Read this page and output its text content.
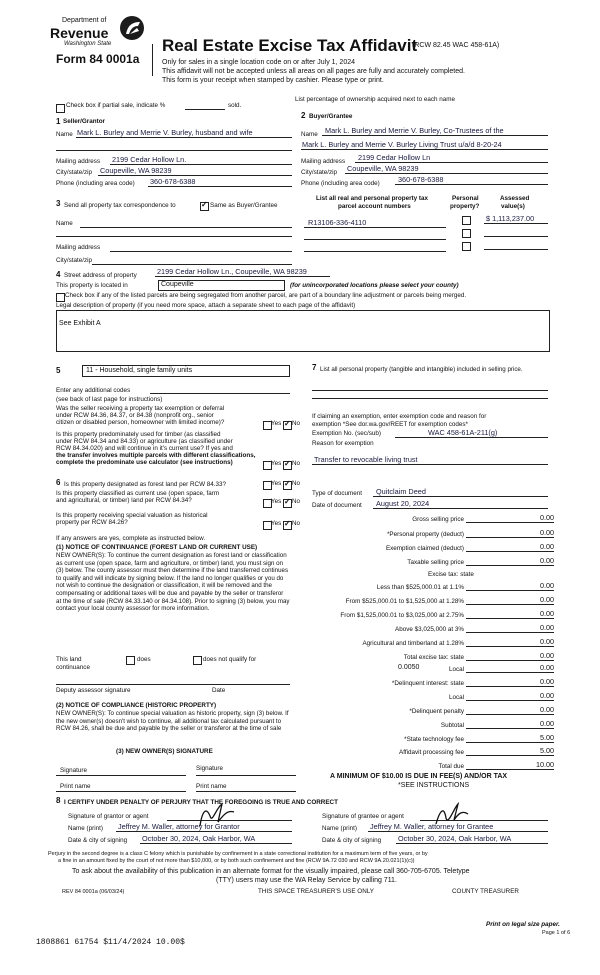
Department of
Revenue
Washington State
Form 84 0001a
Real Estate Excise Tax Affidavit
(RCW 82.45 WAC 458-61A)
Only for sales in a single location code on or after July 1, 2024
This affidavit will not be accepted unless all areas on all pages are fully and accurately completed.
This form is your receipt when stamped by cashier. Please type or print.
Check box if partial sale, indicate %	sold.
List percentage of ownership acquired next to each name
1 Seller/Grantor
Name Mark L. Burley and Merrie V. Burley, husband and wife
Mailing address 2199 Cedar Hollow Ln.
City/state/zip Coupeville, WA 98239
Phone (including area code) 360-678-6388
2 Buyer/Grantee
Name Mark L. Burley and Merrie V. Burley, Co-Trustees of the
Mark L. Burley and Merrie V. Burley Living Trust u/a/d 8-20-24
Mailing address 2199 Cedar Hollow Ln
City/state/zip Coupeville, WA 98239
Phone (including area code) 360-678-6388
3 Send all property tax correspondence to ✓	Same as Buyer/Grantee
Name
Mailing address
City/state/zip
List all real and personal property tax
parcel account numbers
Personal
property?
Assessed
value(s)
R13106-336-4110	$ 1,113,237.00
4 Street address of property	2199 Cedar Hollow Ln., Coupeville, WA 98239
This property is located in	Coupeville	(for unincorporated locations please select your county)
Check box if any of the listed parcels are being segregated from another parcel, are part of a boundary line adjustment or parcels being merged.
Legal description of property (if you need more space, attach a separate sheet to each page of the affidavit)
See Exhibit A
5	11 - Household, single family units
Enter any additional codes
(see back of last page for instructions)
Was the seller receiving a property tax exemption or deferral
under RCW 84.36, 84.37, or 84.38 (nonprofit org., senior
citizen or disabled person, homeowner with limited income)?	Yes ✓ No
Is this property predominately used for timber (as classified
under RCW 84.34 and 84.33) or agriculture (as classified under
RCW 84.34.020) and will continue in it's current use? If yes and
the transfer involves multiple parcels with different classifications,
complete the predominate use calculator (see instructions)	Yes ✓ No
6 Is this property designated as forest land per RCW 84.33?	Yes ✓ No
Is this property classified as current use (open space, farm
and agricultural, or timber) land per RCW 84.34?	Yes ✓ No
Is this property receiving special valuation as historical
property per RCW 84.26?	Yes ✓ No
If any answers are yes, complete as instructed below.
(1) NOTICE OF CONTINUANCE (FOREST LAND OR CURRENT USE)
NEW OWNER(S): To continue the current designation as forest land or classification as current use (open space, farm and agriculture, or timber) land, you must sign on (3) below. The county assessor must then determine if the land transferred continues to qualify and will indicate by signing below. If the land no longer qualifies or you do not wish to continue the designation or classification, it will be removed and the compensating or additional taxes will be due and payable by the seller or transferor at the time of sale (RCW 84.33.140 or 84.34.108). Prior to signing (3) below, you may contact your local county assessor for more information.
This land
continuance
does	does not qualify for
Deputy assessor signature	Date
(2) NOTICE OF COMPLIANCE (HISTORIC PROPERTY)
NEW OWNER(S): To continue special valuation as historic property, sign (3) below. If the new owner(s) doesn't wish to continue, all additional tax calculated pursuant to RCW 84.26, shall be due and payable by the seller or transferor at the time of sale
(3) NEW OWNER(S) SIGNATURE
Signature	Signature
Print name	Print name
7 List all personal property (tangible and intangible) included in selling price.
If claiming an exemption, enter exemption code and reason for
exemption *See dor.wa.gov/REET for exemption codes*
Exemption No. (sec/sub)	WAC 458-61A-211(g)
Reason for exemption
Transfer to revocable living trust
Type of document Quitclaim Deed
Date of document August 20, 2024
Gross selling price	0.00
*Personal property (deduct)	0.00
Exemption claimed (deduct)	0.00
Taxable selling price	0.00
Excise tax: state
Less than $525,000.01 at 1.1%	0.00
From $525,000.01 to $1,525,000 at 1.28%	0.00
From $1,525,000.01 to $3,025,000 at 2.75%	0.00
Above $3,025,000 at 3%	0.00
Agricultural and timberland at 1.28%	0.00
Total excise tax: state	0.00
0.0050	Local	0.00
*Delinquent interest: state	0.00
Local	0.00
*Delinquent penalty	0.00
Subtotal	0.00
*State technology fee	5.00
Affidavit processing fee	5.00
Total due	10.00
A MINIMUM OF $10.00 IS DUE IN FEE(S) AND/OR TAX
*SEE INSTRUCTIONS
8 I CERTIFY UNDER PENALTY OF PERJURY THAT THE FOREGOING IS TRUE AND CORRECT
Signature of grantor or agent
Name (print) Jeffrey M. Waller, attorney for Grantor
Date & city of signing October 30, 2024, Oak Harbor, WA
Signature of grantee or agent
Name (print) Jeffrey M. Waller, attorney for Grantee
Date & city of signing October 30, 2024, Oak Harbor, WA
Perjury in the second degree is a class C felony which is punishable by confinement in a state correctional institution for a maximum term of five years, or by
a fine in an amount fixed by the court of not more than $10,000, or by both such confinement and fine (RCW 9A.72 030 and RCW 9A.20.021(1)(c))
To ask about the availability of this publication in an alternate format for the visually impaired, please call 360-705-6705. Teletype
(TTY) users may use the WA Relay Service by calling 711.
REV 84 0001a (06/03/24)	THIS SPACE TREASURER'S USE ONLY	COUNTY TREASURER
Print on legal size paper.
Page 1 of 6
1808861 61754 $11/4/2024 10.00$
